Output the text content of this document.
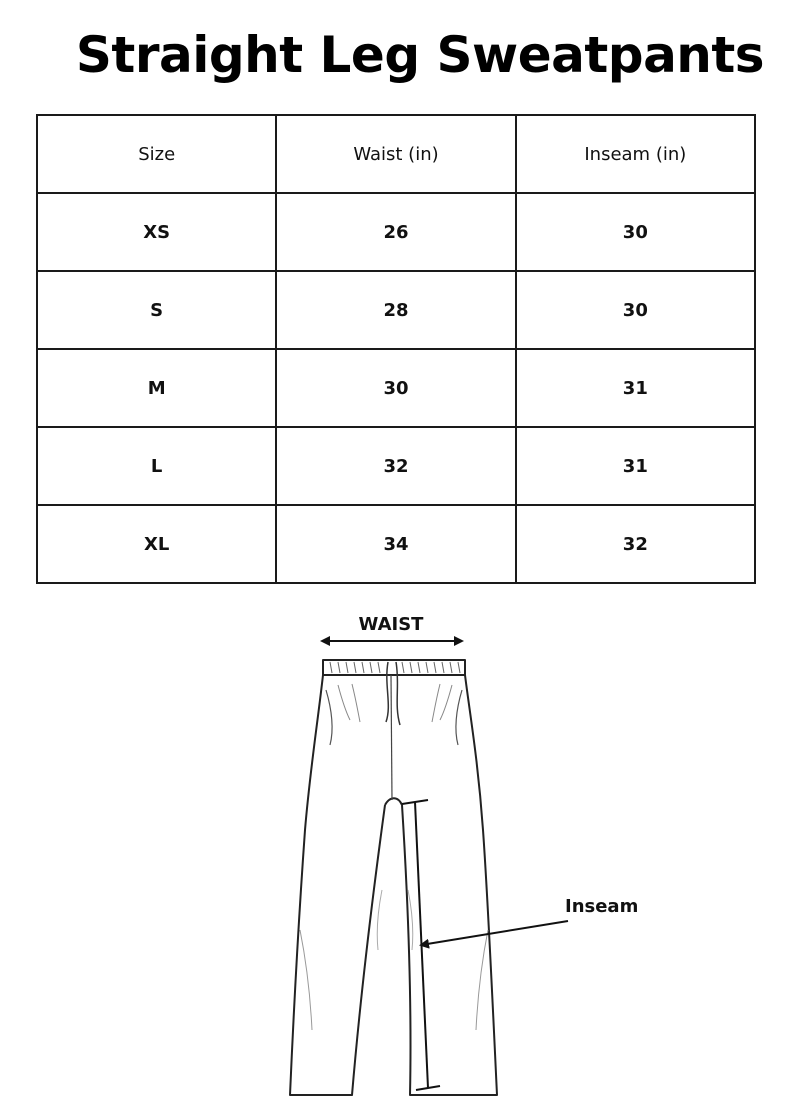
Straight Leg Sweatpants
Size	Waist (in)	Inseam (in)
XS	26	30
S	28	30
M	30	31
L	32	31
XL	34	32
WAIST
Inseam
